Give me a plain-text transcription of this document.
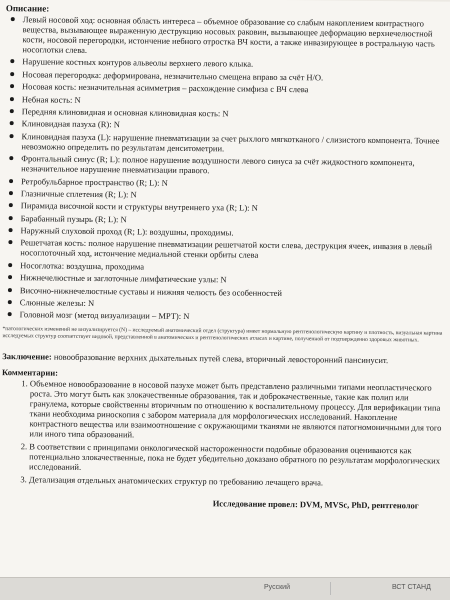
Описание:
Левый носовой ход: основная область интереса – объемное образование со слабым накоплением контрастного вещества, вызывающее выраженную деструкцию носовых раковин, вызывающее деформацию верхнечелюстной кости, носовой перегородки, истончение небного отростка ВЧ кости, а также инвазирующее в ростральную часть носоглотки слева.
Нарушение костных контуров альвеолы верхнего левого клыка.
Носовая перегородка: деформирована, незначительно смещена вправо за счёт Н/О.
Носовая кость: незначительная асимметрия – расхождение симфиза с ВЧ слева
Небная кость: N
Передняя клиновидная и основная клиновидная кость: N
Клиновидная пазуха (R): N
Клиновидная пазуха (L): нарушение пневматизации за счет рыхлого мягкотканого / слизистого компонента. Точнее невозможно определить по результатам денситометрии.
Фронтальный синус (R; L): полное нарушение воздушности левого синуса за счёт жидкостного компонента, незначительное нарушение пневматизации правого.
Ретробульбарное пространство (R; L): N
Глазничные сплетения (R; L): N
Пирамида височной кости и структуры внутреннего уха (R; L): N
Барабанный пузырь (R; L): N
Наружный слуховой проход (R; L): воздушны, проходимы.
Решетчатая кость: полное нарушение пневматизации решетчатой кости слева, деструкция ячеек, инвазия в левый носоглоточный ход, истончение медиальной стенки орбиты слева
Носоглотка: воздушна, проходима
Нижнечелюстные и заглоточные лимфатические узлы: N
Височно-нижнечелюстные суставы и нижняя челюсть без особенностей
Слюнные железы: N
Головной мозг (метод визуализации – МРТ): N
*патологических изменений не визуализируется (N) – исследуемый анатомический отдел (структура) имеет нормальную рентгенологическую картину и плотность, визуальная картина исследуемых структур соответствует видовой, представленной в анатомических и рентгенологических атласах и картине, полученной от подтвержденно здоровых животных.
Заключение: новообразование верхних дыхательных путей слева, вторичный левосторонний пансинусит.
Комментарии:
1. Объемное новообразование в носовой пазухе может быть представлено различными типами неопластического роста. Это могут быть как злокачественные образования, так и доброкачественные, такие как полип или гранулема, которые свойственны вторичным по отношению к воспалительному процессу. Для верификации типа ткани необходима риноскопия с забором материала для морфологических исследований. Накопление контрастного вещества или взаимоотношение с окружающими тканями не являются патогномоничными для того или иного типа образований.
2. В соответствии с принципами онкологической настороженности подобные образования оцениваются как потенциально злокачественные, пока не будет убедительно доказано обратного по результатам морфологических исследований.
3. Детализация отдельных анатомических структур по требованию лечащего врача.
Исследование провел: DVM, MVSc, PhD, рентгенолог
Русский	ВСТ СТАНД
